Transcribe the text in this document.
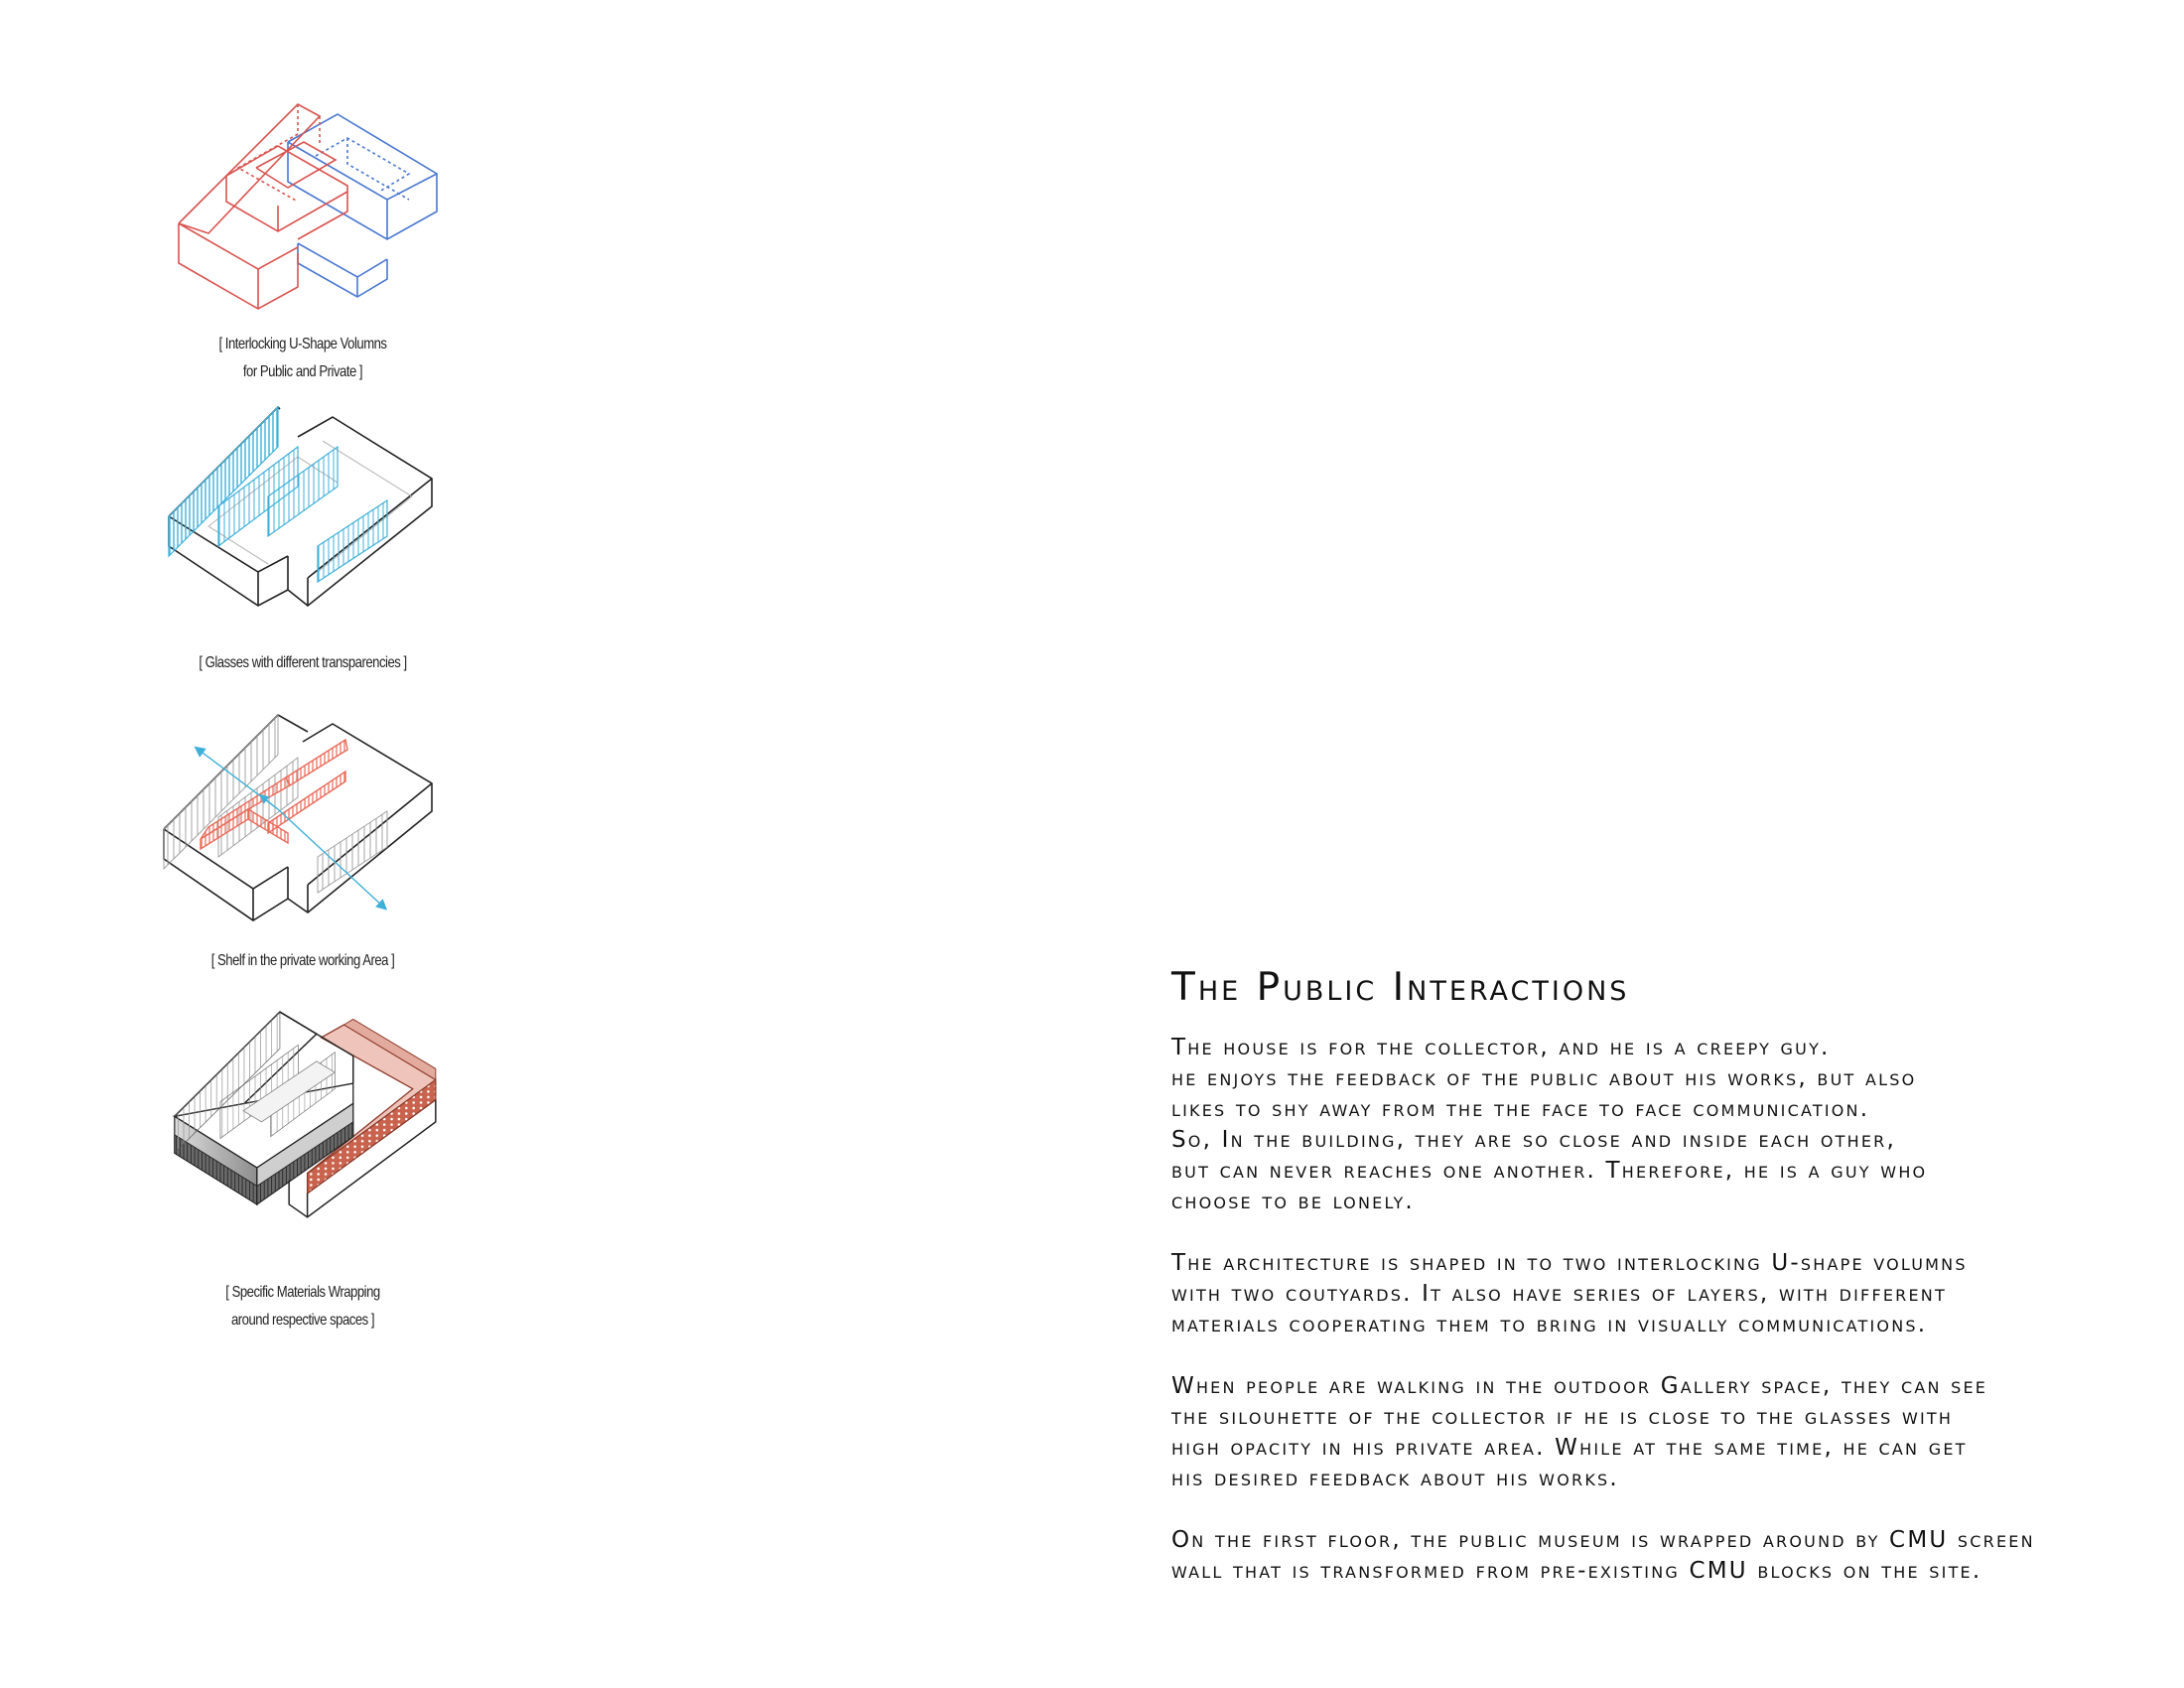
[ Interlocking U-Shape Volumns
for Public and Private ]
[ Glasses with different transparencies ]
[ Shelf in the private working Area ]
[ Specific Materials Wrapping
around respective spaces ]
The Public Interactions
The house is for the collector, and he is a creepy guy.
he enjoys the feedback of the public about his works, but also
likes to shy away from the the face to face communication.
So, In the building, they are so close and inside each other,
but can never reaches one another. Therefore, he is a guy who
choose to be lonely.
The architecture is shaped in to two interlocking U-shape volumns
with two coutyards. It also have series of layers, with different
materials cooperating them to bring in visually communications.
When people are walking in the outdoor Gallery space, they can see
the silouhette of the collector if he is close to the glasses with
high opacity in his private area. While at the same time, he can get
his desired feedback about his works.
On the first floor, the public museum is wrapped around by CMU screen
wall that is transformed from pre-existing CMU blocks on the site.
